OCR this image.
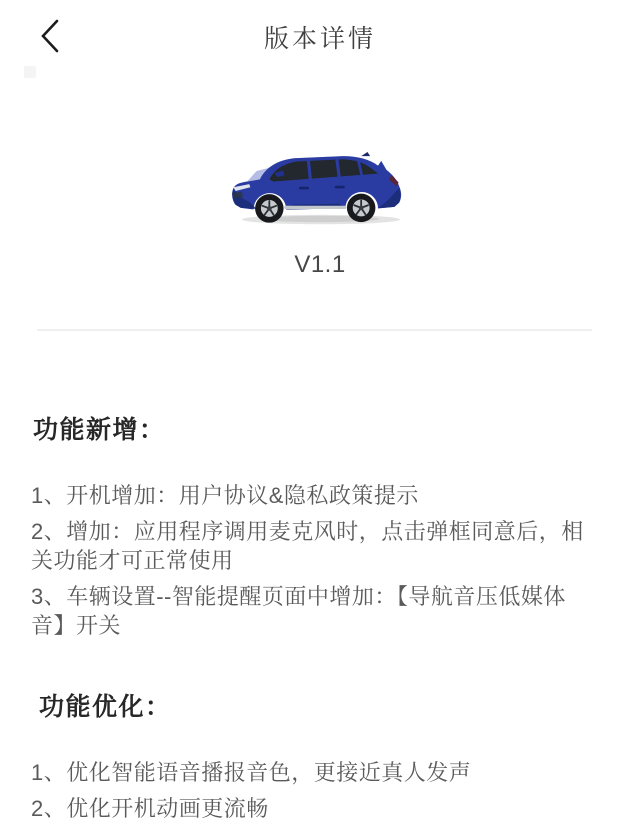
版本详情
V1.1
功能新增：

1、开机增加：用户协议&隐私政策提示

2、增加：应用程序调用麦克风时，点击弹框同意后，相关功能才可正常使用

3、车辆设置--智能提醒页面中增加：【导航音压低媒体音】开关

功能优化：

1、优化智能语音播报音色，更接近真人发声

2、优化开机动画更流畅
